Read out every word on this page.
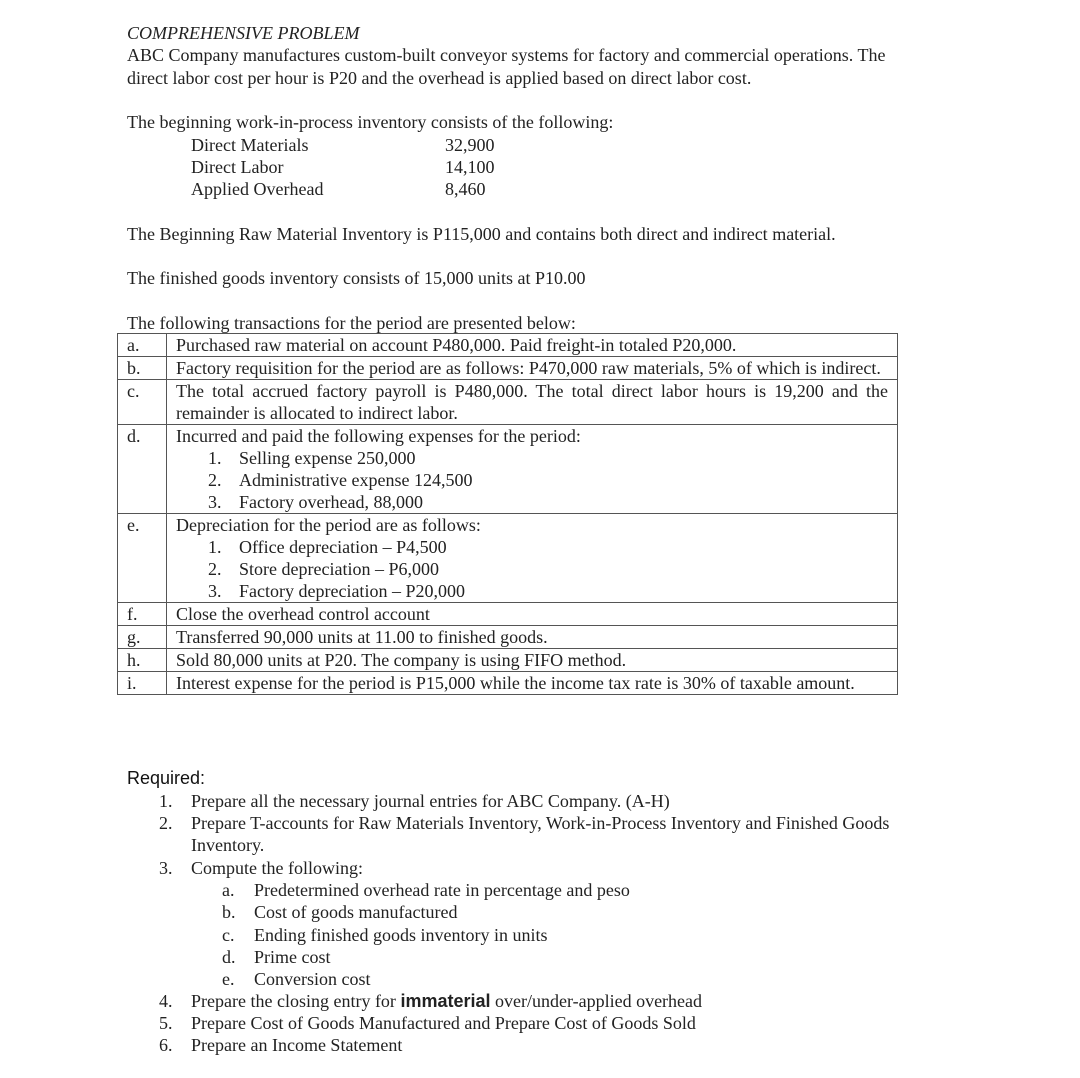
COMPREHENSIVE PROBLEM
ABC Company manufactures custom-built conveyor systems for factory and commercial operations. The
direct labor cost per hour is P20 and the overhead is applied based on direct labor cost.
The beginning work-in-process inventory consists of the following:
Direct Materials	32,900
Direct Labor	14,100
Applied Overhead	8,460
The Beginning Raw Material Inventory is P115,000 and contains both direct and indirect material.
The finished goods inventory consists of 15,000 units at P10.00
The following transactions for the period are presented below:
a.	Purchased raw material on account P480,000. Paid freight-in totaled P20,000.
b.	Factory requisition for the period are as follows: P470,000 raw materials, 5% of which is indirect.
c.	The total accrued factory payroll is P480,000. The total direct labor hours is 19,200 and the remainder is allocated to indirect labor.
d.	Incurred and paid the following expenses for the period:
1. Selling expense 250,000
2. Administrative expense 124,500
3. Factory overhead, 88,000

e.	Depreciation for the period are as follows:
1. Office depreciation – P4,500
2. Store depreciation – P6,000
3. Factory depreciation – P20,000

f.	Close the overhead control account
g.	Transferred 90,000 units at 11.00 to finished goods.
h.	Sold 80,000 units at P20. The company is using FIFO method.
i.	Interest expense for the period is P15,000 while the income tax rate is 30% of taxable amount.
Required:
1. Prepare all the necessary journal entries for ABC Company. (A-H)
2. Prepare T-accounts for Raw Materials Inventory, Work-in-Process Inventory and Finished Goods
Inventory.
3. Compute the following:
a. Predetermined overhead rate in percentage and peso
b. Cost of goods manufactured
c. Ending finished goods inventory in units
d. Prime cost
e. Conversion cost
4. Prepare the closing entry for immaterial over/under-applied overhead
5. Prepare Cost of Goods Manufactured and Prepare Cost of Goods Sold
6. Prepare an Income Statement
